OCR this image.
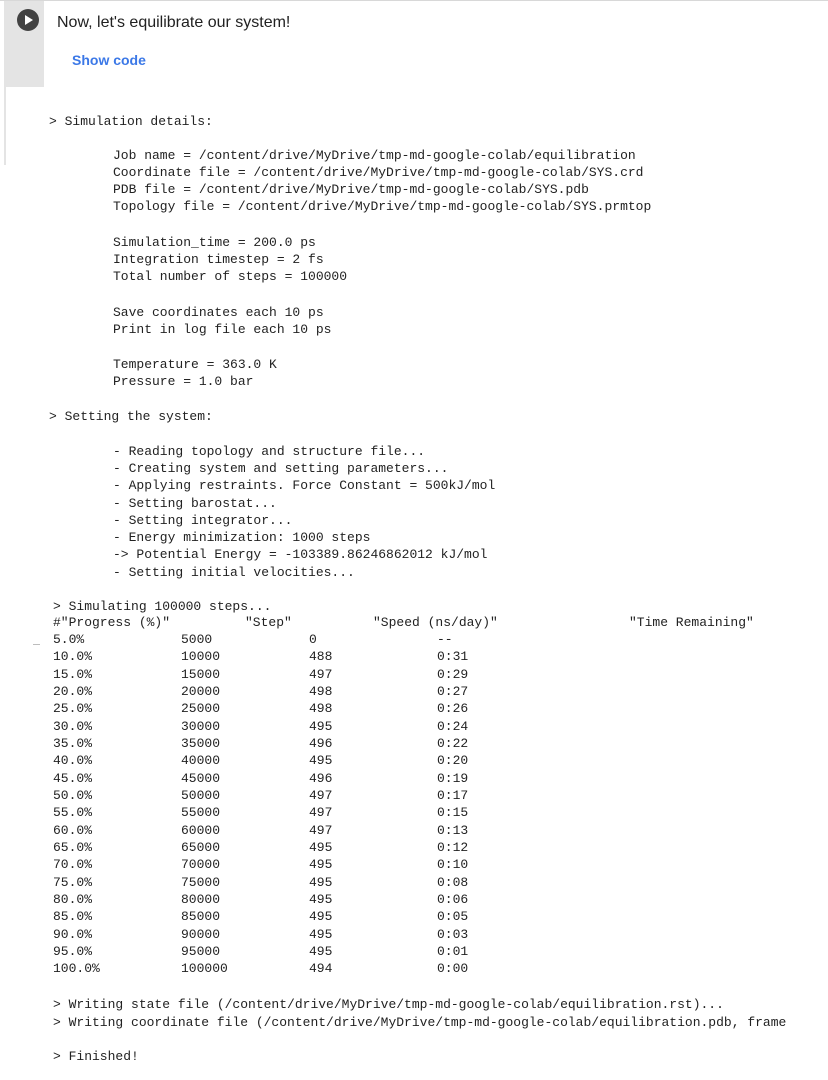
Now, let's equilibrate our system!
Show code
> Simulation details:
Job name = /content/drive/MyDrive/tmp-md-google-colab/equilibration
Coordinate file = /content/drive/MyDrive/tmp-md-google-colab/SYS.crd
PDB file = /content/drive/MyDrive/tmp-md-google-colab/SYS.pdb
Topology file = /content/drive/MyDrive/tmp-md-google-colab/SYS.prmtop
Simulation_time = 200.0 ps
Integration timestep = 2 fs
Total number of steps = 100000
Save coordinates each 10 ps
Print in log file each 10 ps
Temperature = 363.0 K
Pressure = 1.0 bar
> Setting the system:
- Reading topology and structure file...
- Creating system and setting parameters...
- Applying restraints. Force Constant = 500kJ/mol
- Setting barostat...
- Setting integrator...
- Energy minimization: 1000 steps
-> Potential Energy = -103389.86246862012 kJ/mol
- Setting initial velocities...
> Simulating 100000 steps...
#"Progress (%)"	"Step"	"Speed (ns/day)"	"Time Remaining"
5.0%	5000	0	--
10.0%	10000	488	0:31
15.0%	15000	497	0:29
20.0%	20000	498	0:27
25.0%	25000	498	0:26
30.0%	30000	495	0:24
35.0%	35000	496	0:22
40.0%	40000	495	0:20
45.0%	45000	496	0:19
50.0%	50000	497	0:17
55.0%	55000	497	0:15
60.0%	60000	497	0:13
65.0%	65000	495	0:12
70.0%	70000	495	0:10
75.0%	75000	495	0:08
80.0%	80000	495	0:06
85.0%	85000	495	0:05
90.0%	90000	495	0:03
95.0%	95000	495	0:01
100.0%	100000	494	0:00
> Writing state file (/content/drive/MyDrive/tmp-md-google-colab/equilibration.rst)...
> Writing coordinate file (/content/drive/MyDrive/tmp-md-google-colab/equilibration.pdb, frame
> Finished!
